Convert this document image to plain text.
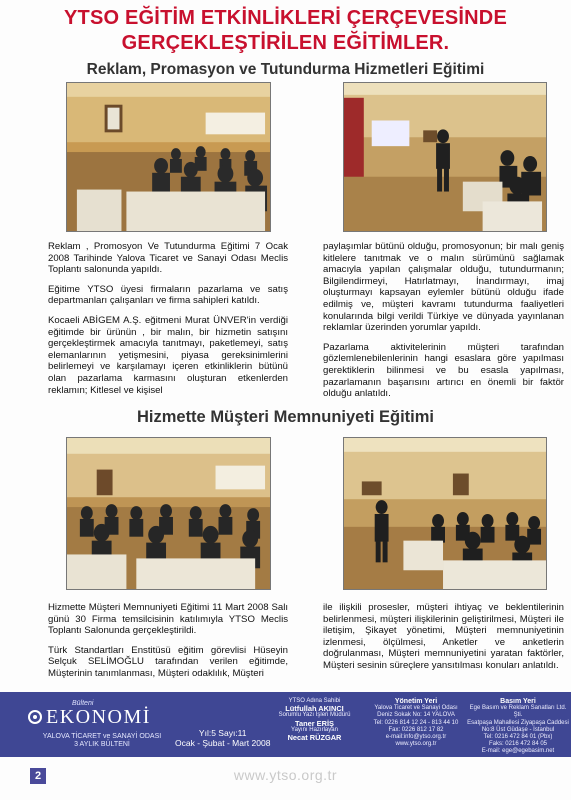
YTSO EĞİTİM ETKİNLİKLERİ ÇERÇEVESİNDE
GERÇEKLEŞTİRİLEN EĞİTİMLER.
Reklam, Promasyon ve Tutundurma Hizmetleri Eğitimi

Reklam , Promosyon Ve Tutundurma Eğitimi 7 Ocak 2008 Tarihinde Yalova Ticaret ve Sanayi Odası Meclis Toplantı salonunda yapıldı.

Eğitime YTSO üyesi firmaların pazarlama ve satış departmanları çalışanları ve firma sahipleri katıldı.

Kocaeli ABİGEM A.Ş. eğitmeni Murat ÜNVER'in verdiği eğitimde bir ürünün , bir malın, bir hizmetin satışını gerçekleştirmek amacıyla tanıtmayı, paketlemeyi, satış elemanlarının yetişmesini, piyasa gereksinimlerini belirlemeyi ve karşılamayı içeren etkinliklerin bütünü olan pazarlama karmasını oluşturan etkenlerden reklamın; Kitlesel ve kişisel

paylaşımlar bütünü olduğu, promosyonun; bir malı geniş kitlelere tanıtmak ve o malın sürümünü sağlamak amacıyla yapılan çalışmalar olduğu, tutundurmanın; Bilgilendirmeyi, Hatırlatmayı, İnandırmayı, imaj oluşturmayı kapsayan eylemler bütünü olduğu ifade edilmiş ve, müşteri kavramı tutundurma faaliyetleri konularında bilgi verildi Türkiye ve dünyada yayınlanan reklamlar üzerinden yorumlar yapıldı.

Pazarlama aktivitelerinin müşteri tarafından gözlemlenebilenlerinin hangi esaslara göre yapılması gerektiklerin bilinmesi ve bu esasla yapılması, pazarlamanın başarısını artırıcı en önemli bir faktör olduğu anlatıldı.

Hizmette Müşteri Memnuniyeti Eğitimi

Hizmette Müşteri Memnuniyeti Eğitimi 11 Mart 2008 Salı günü 30 Firma temsilcisinin katılımıyla YTSO Meclis Toplantı Salonunda gerçekleştirildi.

Türk Standartları Enstitüsü eğitim görevlisi Hüseyin Selçuk SELİMOĞLU tarafından verilen eğitimde, Müşterinin tanımlanması, Müşteri odaklılık, Müşteri

ile ilişkili prosesler, müşteri ihtiyaç ve beklentilerinin belirlenmesi, müşteri ilişkilerinin geliştirilmesi, Müşteri ile iletişim, Şikayet yönetimi, Müşteri memnuniyetinin izlenmesi, ölçülmesi, Anketler ve anketlerin doğrulanması, Müşteri memnuniyetini yaratan faktörler, Müşteri sesinin süreçlere yansıtılması konuları anlatıldı.

Bülteni
EKONOMİ
YALOVA TİCARET ve SANAYİ ODASI
3 AYLIK BÜLTENİ
Yıl:5 Sayı:11
Ocak - Şubat - Mart 2008
YTSO Adına Sahibi
Lütfullah AKINCI
Sorumlu Yazı İşleri Müdürü
Taner ERİŞ
Yayını Hazırlayan
Necat RÜZGAR
Yönetim Yeri
Yalova Ticaret ve Sanayi Odası
Deniz Sokak No: 14 YALOVA
Tel: 0226 814 12 24 - 813 44 10
Fax: 0226 812 17 82
e-mail:info@ytso.org.tr
www.ytso.org.tr
Basım Yeri
Ege Basım ve Reklam Sanatları Ltd. Şti.
Esatpaşa Mahallesi Ziyapaşa Caddesi
No:8 Üst Güdaşe - İstanbul
Tel: 0216 472 84 01 (Pbx)
Faks: 0216 472 84 05
E-mail: ege@egebasim.net
2	www.ytso.org.tr
